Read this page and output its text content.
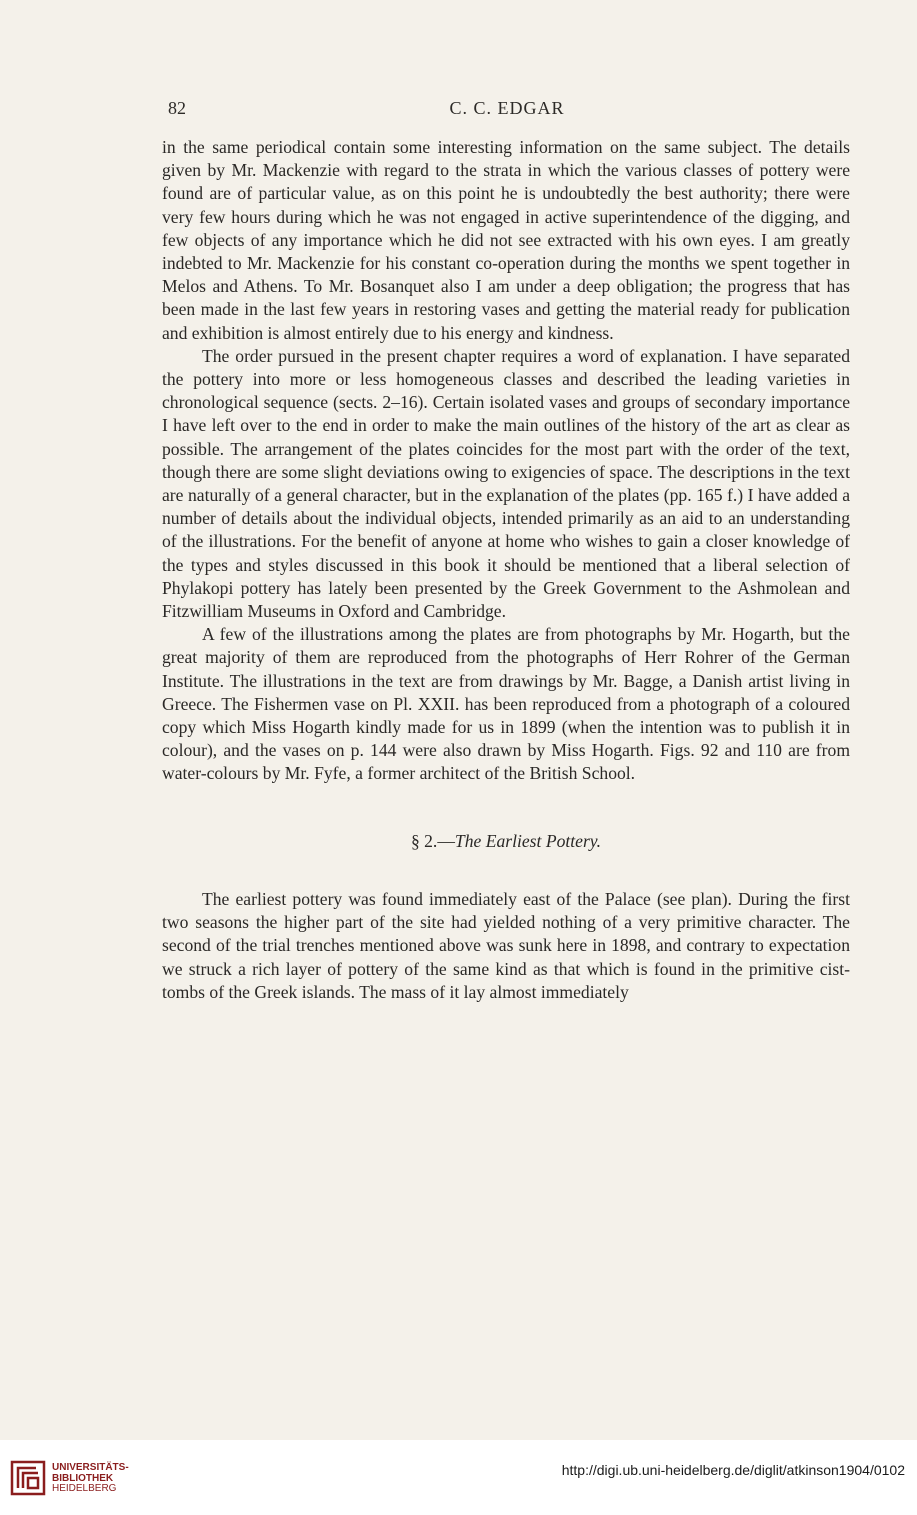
82	C. C. EDGAR

in the same periodical contain some interesting information on the same subject. The details given by Mr. Mackenzie with regard to the strata in which the various classes of pottery were found are of particular value, as on this point he is undoubtedly the best authority; there were very few hours during which he was not engaged in active superintendence of the digging, and few objects of any importance which he did not see extracted with his own eyes. I am greatly indebted to Mr. Mackenzie for his constant co-operation during the months we spent together in Melos and Athens. To Mr. Bosanquet also I am under a deep obligation; the progress that has been made in the last few years in restoring vases and getting the material ready for publication and exhibition is almost entirely due to his energy and kindness.

The order pursued in the present chapter requires a word of explanation. I have separated the pottery into more or less homogeneous classes and described the leading varieties in chronological sequence (sects. 2–16). Certain isolated vases and groups of secondary importance I have left over to the end in order to make the main outlines of the history of the art as clear as possible. The arrangement of the plates coincides for the most part with the order of the text, though there are some slight deviations owing to exigencies of space. The descriptions in the text are naturally of a general character, but in the explanation of the plates (pp. 165 f.) I have added a number of details about the individual objects, intended primarily as an aid to an understanding of the illustrations. For the benefit of anyone at home who wishes to gain a closer knowledge of the types and styles discussed in this book it should be mentioned that a liberal selection of Phylakopi pottery has lately been presented by the Greek Government to the Ashmolean and Fitzwilliam Museums in Oxford and Cambridge.

A few of the illustrations among the plates are from photographs by Mr. Hogarth, but the great majority of them are reproduced from the photographs of Herr Rohrer of the German Institute. The illustrations in the text are from drawings by Mr. Bagge, a Danish artist living in Greece. The Fishermen vase on Pl. XXII. has been reproduced from a photograph of a coloured copy which Miss Hogarth kindly made for us in 1899 (when the intention was to publish it in colour), and the vases on p. 144 were also drawn by Miss Hogarth. Figs. 92 and 110 are from water-colours by Mr. Fyfe, a former architect of the British School.

§ 2.—The Earliest Pottery.

The earliest pottery was found immediately east of the Palace (see plan). During the first two seasons the higher part of the site had yielded nothing of a very primitive character. The second of the trial trenches mentioned above was sunk here in 1898, and contrary to expectation we struck a rich layer of pottery of the same kind as that which is found in the primitive cist-tombs of the Greek islands. The mass of it lay almost immediately

UNIVERSITÄTS-
BIBLIOTHEK
HEIDELBERG
http://digi.ub.uni-heidelberg.de/diglit/atkinson1904/0102
